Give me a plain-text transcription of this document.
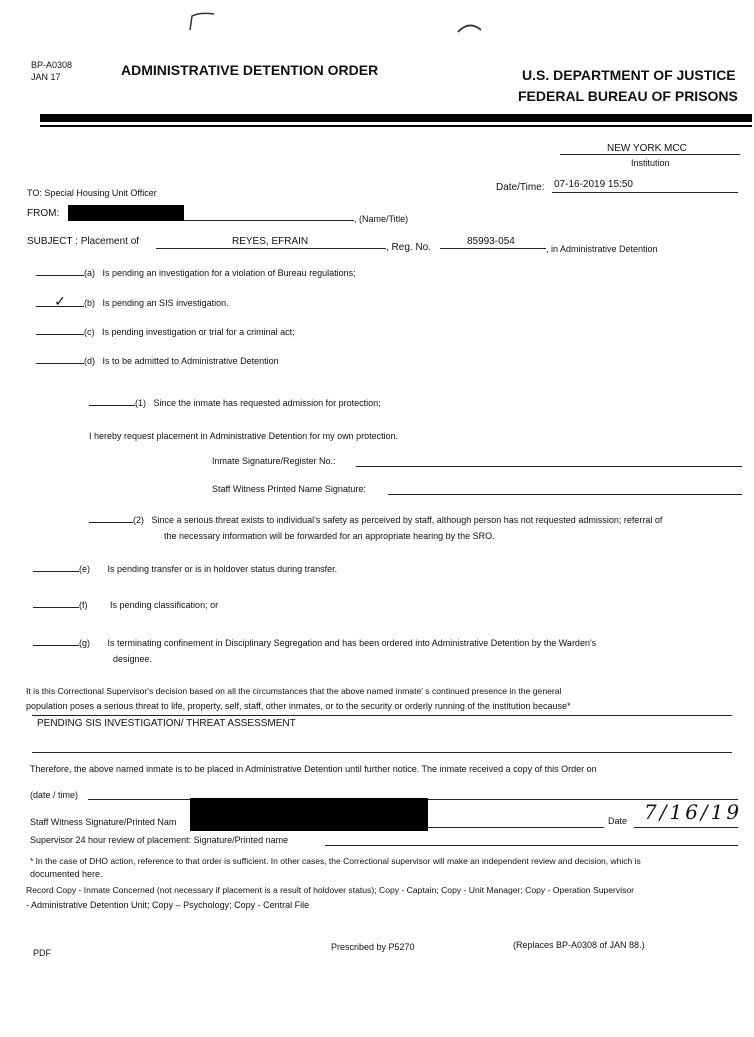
BP-A0308
JAN 17	ADMINISTRATIVE DETENTION ORDER	U.S. DEPARTMENT OF JUSTICE
FEDERAL BUREAU OF PRISONS
NEW YORK MCC
Institution
Date/Time: 07-16-2019 15:50
TO: Special Housing Unit Officer
FROM:	, (Name/Title)
SUBJECT : Placement of	REYES, EFRAIN
, Reg. No.
85993-054
, in Administrative Detention
(a) Is pending an investigation for a violation of Bureau regulations;
✓ (b) Is pending an SIS investigation.
(c) Is pending investigation or trial for a criminal act;
(d) Is to be admitted to Administrative Detention
(1) Since the inmate has requested admission for protection;
I hereby request placement in Administrative Detention for my own protection.
Inmate Signature/Register No.:
Staff Witness Printed Name Signature:
(2) Since a serious threat exists to individual's safety as perceived by staff, although person has not requested admission; referral of
the necessary information will be forwarded for an appropriate hearing by the SRO.
(e) Is pending transfer or is in holdover status during transfer.
(f)	Is pending classification; or
(g) Is terminating confinement in Disciplinary Segregation and has been ordered into Administrative Detention by the Warden's
designee.
It is this Correctional Supervisor's decision based on all the circumstances that the above named inmate' s continued presence in the general
population poses a serious threat to life, property, self, staff, other inmates, or to the security or orderly running of the institution because*
PENDING SIS INVESTIGATION/ THREAT ASSESSMENT
Therefore, the above named inmate is to be placed in Administrative Detention until further notice. The inmate received a copy of this Order on
(date / time)
Staff Witness Signature/Printed Nam	Date 7/16/19
Supervisor 24 hour review of placement: Signature/Printed name
* In the case of DHO action, reference to that order is sufficient. In other cases, the Correctional supervisor will make an independent review and decision, which is
documented here.
Record Copy - Inmate Concerned (not necessary if placement is a result of holdover status); Copy - Captain; Copy - Unit Manager; Copy - Operation Supervisor
- Administrative Detention Unit; Copy – Psychology; Copy - Central File
PDF
Prescribed by P5270	(Replaces BP-A0308 of JAN 88.)
